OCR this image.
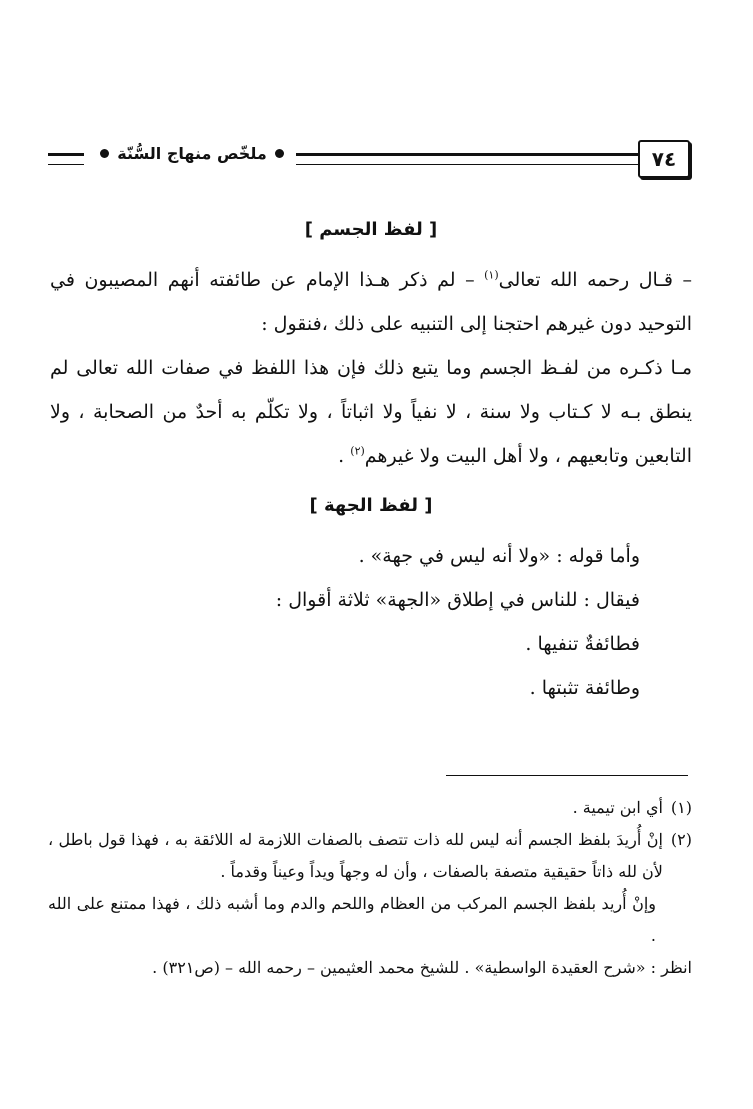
ملخّص منهاج السُّنّة	٧٤
[ لفظ الجسم ]

– قـال رحمه الله تعالى$^{(١)}$ – لم ذكر هـذا الإمام عن طائفته أنهم المصيبون في التوحيد دون غيرهم احتجنا إلى التنبيه على ذلك ،فنقول :

مـا ذكـره من لفـظ الجسم وما يتبع ذلك فإن هذا اللفظ في صفات الله تعالى لم ينطق بـه لا كـتاب ولا سنة ، لا نفياً ولا اثباتاً ، ولا تكلّم به أحدٌ من الصحابة ، ولا التابعين وتابعيهم ، ولا أهل البيت ولا غيرهم$^{(٢)}$ .

[ لفظ الجهة ]

وأما قوله : «ولا أنه ليس في جهة» .

فيقال : للناس في إطلاق «الجهة» ثلاثة أقوال :

فطائفةٌ تنفيها .

وطائفة تثبتها .

(١)
أي ابن تيمية .
(٢)
إنْ أُريدَ بلفظ الجسم أنه ليس لله ذات تتصف بالصفات اللازمة له اللائقة به ، فهذا قول باطل ، لأن لله ذاتاً حقيقية متصفة بالصفات ، وأن له وجهاً ويداً وعيناً وقدماً .
وإنْ أُريد بلفظ الجسم المركب من العظام واللحم والدم وما أشبه ذلك ، فهذا ممتنع على الله .
انظر : «شرح العقيدة الواسطية» . للشيخ محمد العثيمين – رحمه الله – (ص٣٢١) .
